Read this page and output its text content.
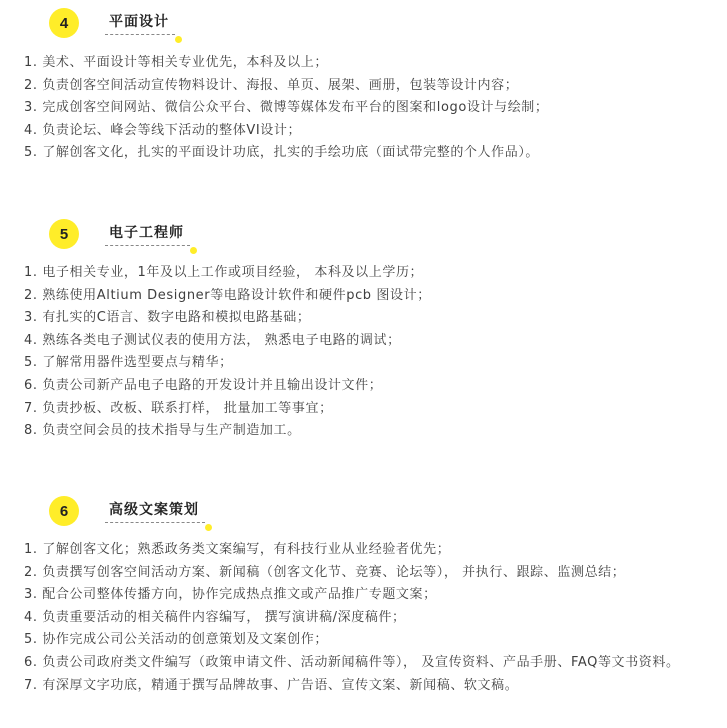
4	平面设计
1. 美术、平面设计等相关专业优先，本科及以上；
2. 负责创客空间活动宣传物料设计、海报、单页、展架、画册，包装等设计内容；
3. 完成创客空间网站、微信公众平台、微博等媒体发布平台的图案和logo设计与绘制；
4. 负责论坛、峰会等线下活动的整体VI设计；
5. 了解创客文化，扎实的平面设计功底，扎实的手绘功底（面试带完整的个人作品）。
5	电子工程师
1. 电子相关专业，1年及以上工作或项目经验， 本科及以上学历；
2. 熟练使用Altium Designer等电路设计软件和硬件pcb 图设计；
3. 有扎实的C语言、数字电路和模拟电路基础；
4. 熟练各类电子测试仪表的使用方法， 熟悉电子电路的调试；
5. 了解常用器件选型要点与精华；
6. 负责公司新产品电子电路的开发设计并且输出设计文件；
7. 负责抄板、改板、联系打样， 批量加工等事宜；
8. 负责空间会员的技术指导与生产制造加工。
6	高级文案策划
1. 了解创客文化；熟悉政务类文案编写，有科技行业从业经验者优先；
2. 负责撰写创客空间活动方案、新闻稿（创客文化节、竞赛、论坛等）， 并执行、跟踪、监测总结；
3. 配合公司整体传播方向，协作完成热点推文或产品推广专题文案；
4. 负责重要活动的相关稿件内容编写， 撰写演讲稿/深度稿件；
5. 协作完成公司公关活动的创意策划及文案创作；
6. 负责公司政府类文件编写（政策申请文件、活动新闻稿件等）， 及宣传资料、产品手册、FAQ等文书资料。
7. 有深厚文字功底，精通于撰写品牌故事、广告语、宣传文案、新闻稿、软文稿。
